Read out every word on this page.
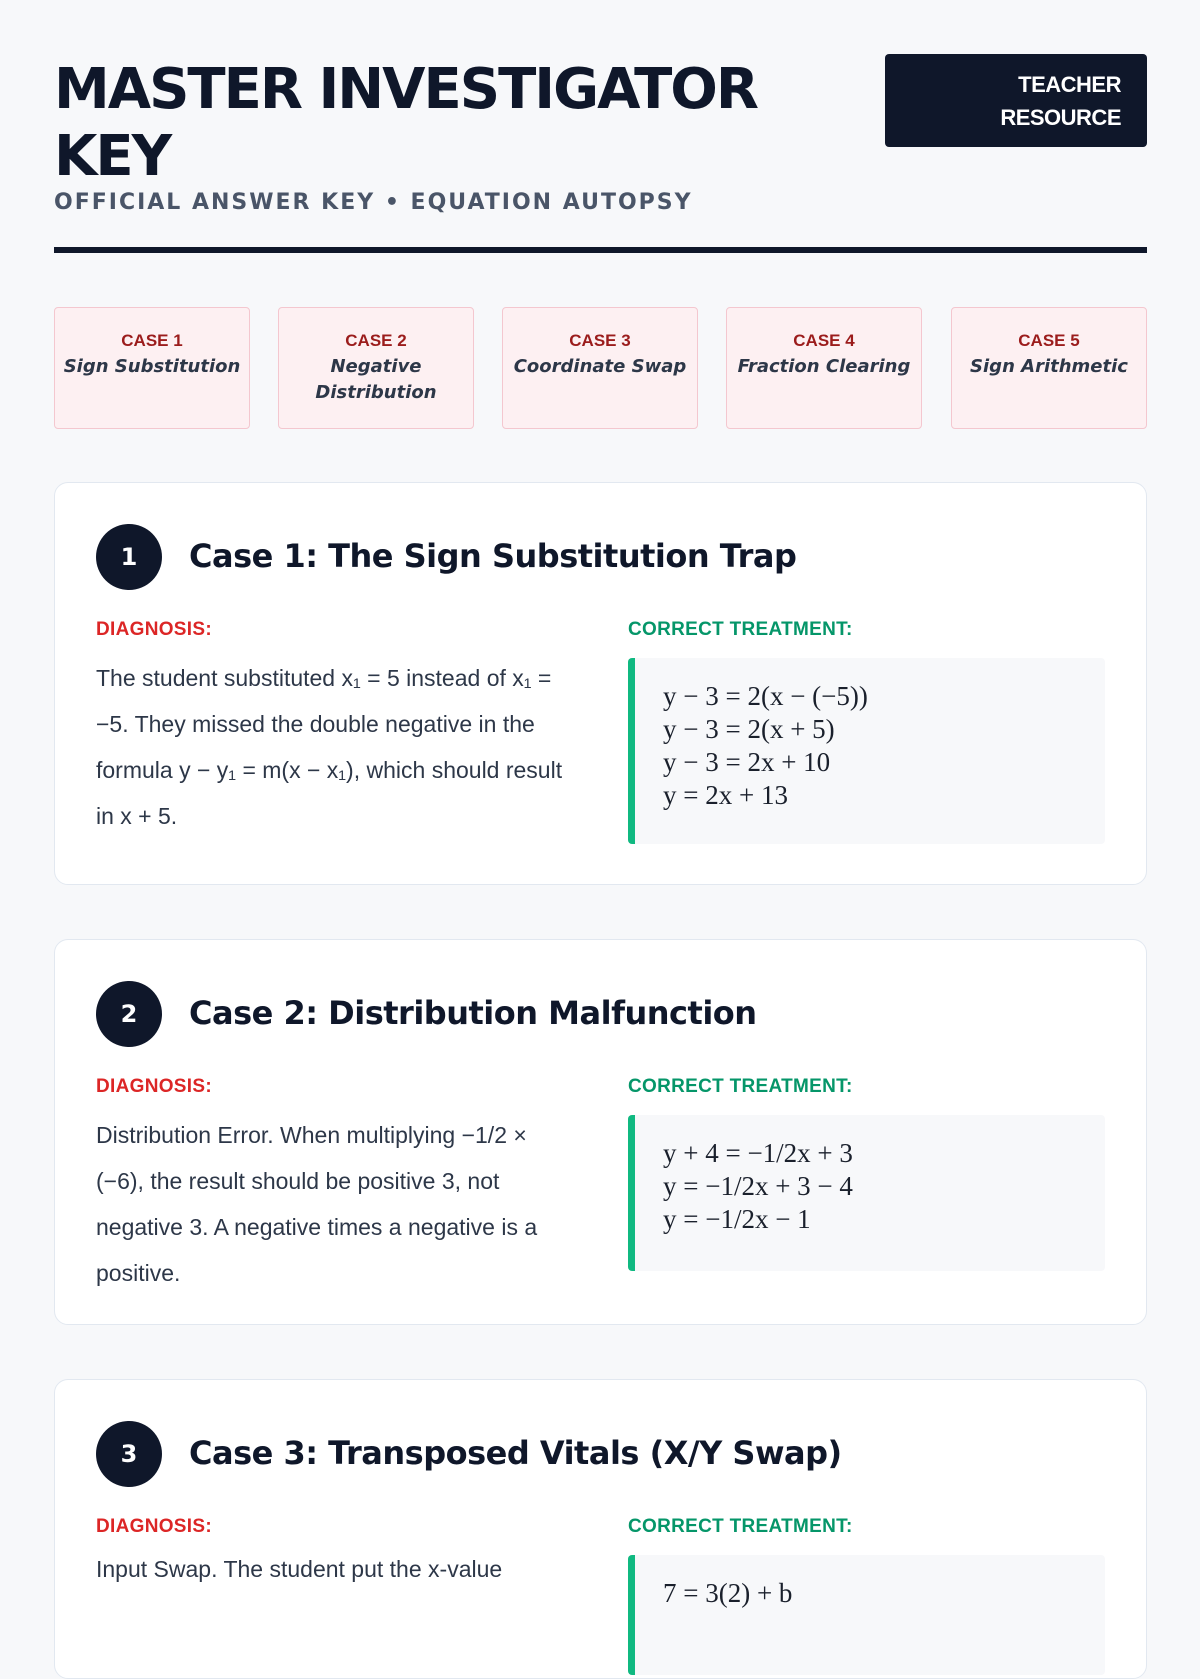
MASTER INVESTIGATOR KEY
OFFICIAL ANSWER KEY • EQUATION AUTOPSY
TEACHER
RESOURCE
CASE 1
Sign Substitution
CASE 2
Negative Distribution
CASE 3
Coordinate Swap
CASE 4
Fraction Clearing
CASE 5
Sign Arithmetic
1	Case 1: The Sign Substitution Trap
DIAGNOSIS:	CORRECT TREATMENT:
The student substituted x₁ = 5 instead of x₁ = −5. They missed the double negative in the formula y − y₁ = m(x − x₁), which should result in x + 5.
y − 3 = 2(x − (−5))
y − 3 = 2(x + 5)
y − 3 = 2x + 10
y = 2x + 13
2	Case 2: Distribution Malfunction
DIAGNOSIS:	CORRECT TREATMENT:
Distribution Error. When multiplying −1/2 × (−6), the result should be positive 3, not negative 3. A negative times a negative is a positive.
y + 4 = −1/2x + 3
y = −1/2x + 3 − 4
y = −1/2x − 1
3	Case 3: Transposed Vitals (X/Y Swap)
DIAGNOSIS:	CORRECT TREATMENT:
Input Swap. The student put the x-value
7 = 3(2) + b
